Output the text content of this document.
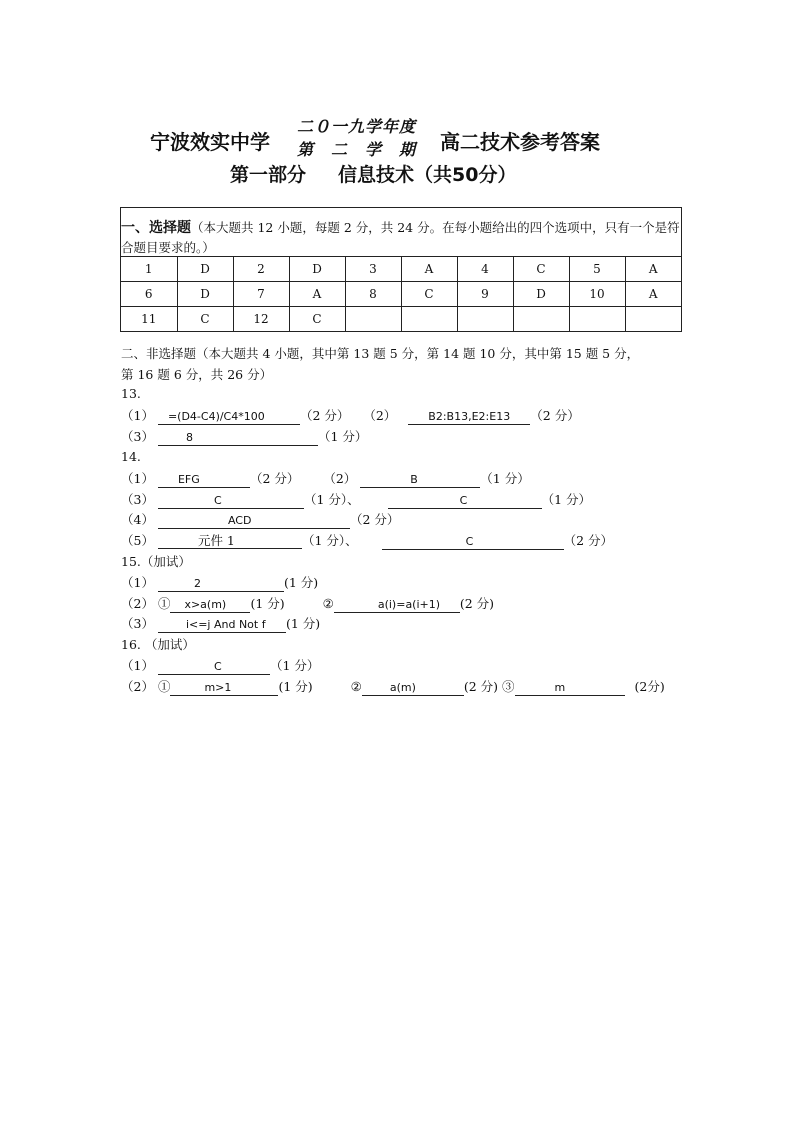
宁波效实中学
二０一九学年度
第　二　学　期 高二技术参考答案
第一部分 信息技术（共50分）
一、选择题（本大题共 12 小题，每题 2 分，共 24 分。在每小题给出的四个选项中，只有一个是符合题目要求的。）
1	D	2	D	3	A	4	C	5	A
6	D	7	A	8	C	9	D	10	A
11	C	12	C						
二、非选择题（本大题共 4 小题，其中第 13 题 5 分，第 14 题 10 分，其中第 15 题 5 分，
第 16 题 6 分，共 26 分）
13.
（1） =(D4-C4)/C4*100	（2 分） （2）	B2:B13,E2:E13 （2 分）
（3）	8	（1 分）
14.
（1） EFG	（2 分） （2）	B	（1 分）
（3）	C	（1 分）、	C	（1 分）
（4）	ACD	（2 分）
（5）	元件 1	（1 分）、	C	（2 分）
15.（加试）
（1）	2	(1 分)
（2） ① x>a(m) (1 分)	②	a(i)=a(i+1) (2 分)
（3）	i<=j And Not f (1 分)
16. （加试）
（1）	C	（1 分）
（2） ①	m>1	(1 分)	②	a(m)	(2 分) ③	m	(2分)
